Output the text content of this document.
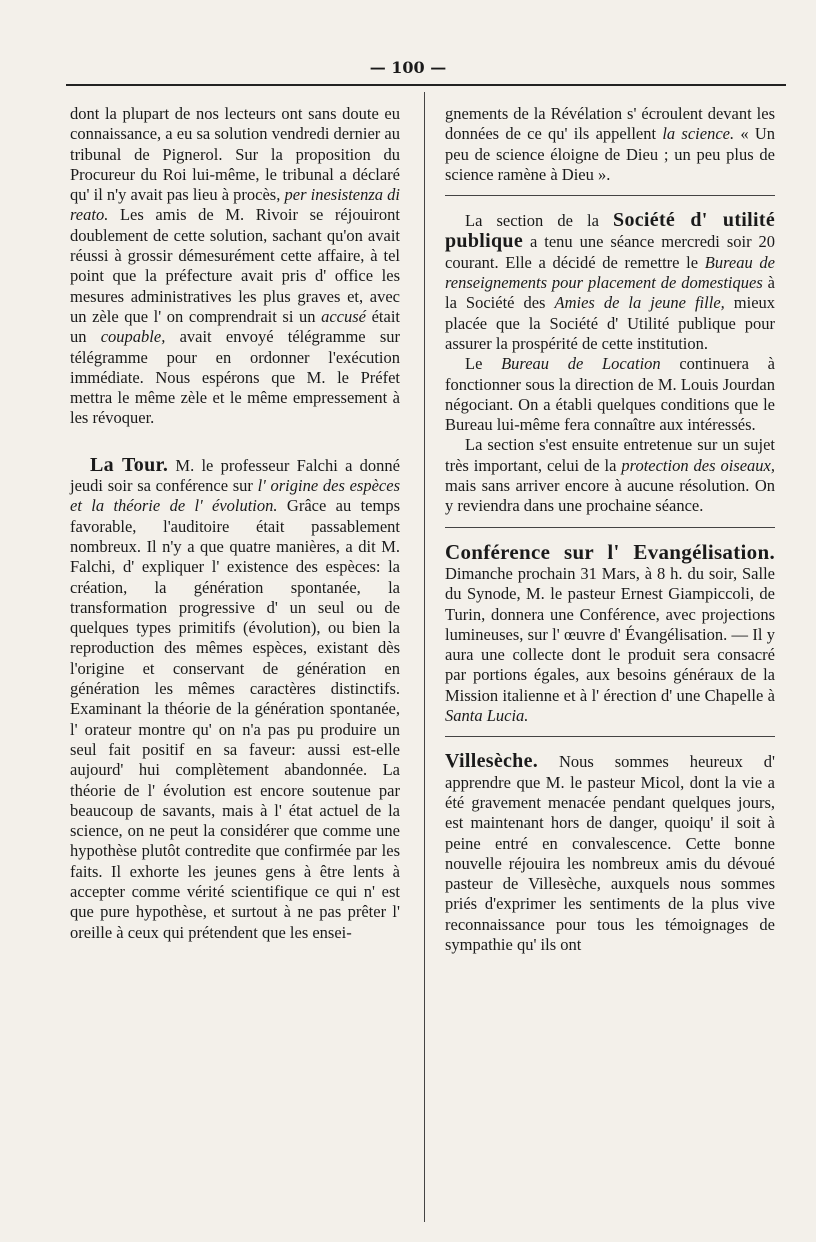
— 100 —

dont la plupart de nos lecteurs ont sans doute eu connaissance, a eu sa solution vendredi dernier au tribunal de Pignerol. Sur la proposition du Procureur du Roi lui-même, le tribunal a déclaré qu' il n'y avait pas lieu à procès, per inesistenza di reato. Les amis de M. Rivoir se réjouiront doublement de cette solution, sachant qu'on avait réussi à grossir démesurément cette affaire, à tel point que la préfecture avait pris d' office les mesures administratives les plus graves et, avec un zèle que l' on comprendrait si un accusé était un coupable, avait envoyé télégramme sur télégramme pour en ordonner l'exécution immédiate. Nous espérons que M. le Préfet mettra le même zèle et le même empressement à les révoquer.

La Tour. M. le professeur Falchi a donné jeudi soir sa conférence sur l' origine des espèces et la théorie de l' évolution. Grâce au temps favorable, l'auditoire était passablement nombreux. Il n'y a que quatre manières, a dit M. Falchi, d' expliquer l' existence des espèces: la création, la génération spontanée, la transformation progressive d' un seul ou de quelques types primitifs (évolution), ou bien la reproduction des mêmes espèces, existant dès l'origine et conservant de génération en génération les mêmes caractères distinctifs. Examinant la théorie de la génération spontanée, l' orateur montre qu' on n'a pas pu produire un seul fait positif en sa faveur: aussi est-elle aujourd' hui complètement abandonnée. La théorie de l' évolution est encore soutenue par beaucoup de savants, mais à l' état actuel de la science, on ne peut la considérer que comme une hypothèse plutôt contredite que confirmée par les faits. Il exhorte les jeunes gens à être lents à accepter comme vérité scientifique ce qui n' est que pure hypothèse, et surtout à ne pas prêter l' oreille à ceux qui prétendent que les ensei-

gnements de la Révélation s' écroulent devant les données de ce qu' ils appellent la science. « Un peu de science éloigne de Dieu ; un peu plus de science ramène à Dieu ».

La section de la Société d' utilité publique a tenu une séance mercredi soir 20 courant. Elle a décidé de remettre le Bureau de renseignements pour placement de domestiques à la Société des Amies de la jeune fille, mieux placée que la Société d' Utilité publique pour assurer la prospérité de cette institution.

Le Bureau de Location continuera à fonctionner sous la direction de M. Louis Jourdan négociant. On a établi quelques conditions que le Bureau lui-même fera connaître aux intéressés.

La section s'est ensuite entretenue sur un sujet très important, celui de la protection des oiseaux, mais sans arriver encore à aucune résolution. On y reviendra dans une prochaine séance.

Conférence sur l' Evangélisation. Dimanche prochain 31 Mars, à 8 h. du soir, Salle du Synode, M. le pasteur Ernest Giampiccoli, de Turin, donnera une Conférence, avec projections lumineuses, sur l' œuvre d' Évangélisation. — Il y aura une collecte dont le produit sera consacré par portions égales, aux besoins généraux de la Mission italienne et à l' érection d' une Chapelle à Santa Lucia.

Villesèche. Nous sommes heureux d' apprendre que M. le pasteur Micol, dont la vie a été gravement menacée pendant quelques jours, est maintenant hors de danger, quoiqu' il soit à peine entré en convalescence. Cette bonne nouvelle réjouira les nombreux amis du dévoué pasteur de Villesèche, auxquels nous sommes priés d'exprimer les sentiments de la plus vive reconnaissance pour tous les témoignages de sympathie qu' ils ont
